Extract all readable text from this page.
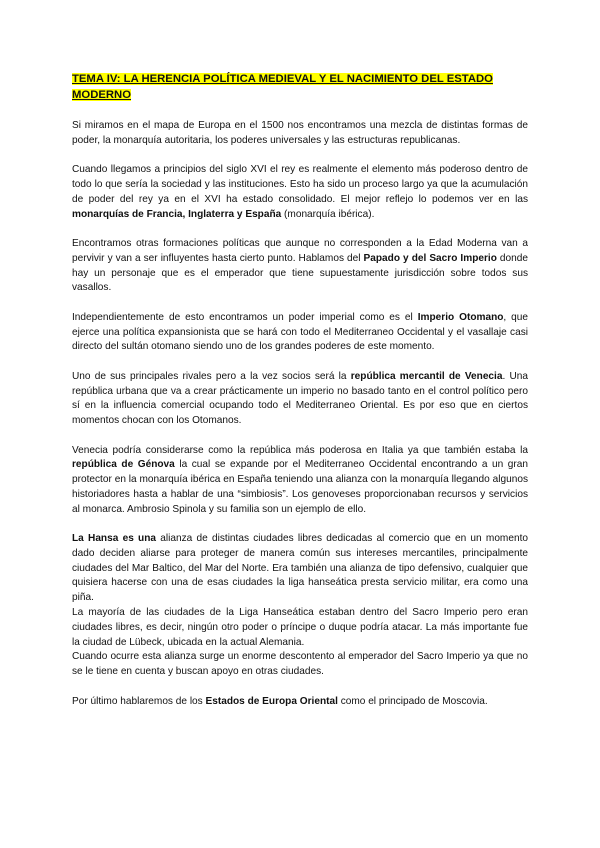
TEMA IV: LA HERENCIA POLÍTICA MEDIEVAL Y EL NACIMIENTO DEL ESTADO MODERNO

Si miramos en el mapa de Europa en el 1500 nos encontramos una mezcla de distintas formas de poder, la monarquía autoritaria, los poderes universales y las estructuras republicanas.

Cuando llegamos a principios del siglo XVI el rey es realmente el elemento más poderoso dentro de todo lo que sería la sociedad y las instituciones. Esto ha sido un proceso largo ya que la acumulación de poder del rey ya en el XVI ha estado consolidado. El mejor reflejo lo podemos ver en las monarquías de Francia, Inglaterra y España (monarquía ibérica).

Encontramos otras formaciones políticas que aunque no corresponden a la Edad Moderna van a pervivir y van a ser influyentes hasta cierto punto. Hablamos del Papado y del Sacro Imperio donde hay un personaje que es el emperador que tiene supuestamente jurisdicción sobre todos sus vasallos.

Independientemente de esto encontramos un poder imperial como es el Imperio Otomano, que ejerce una política expansionista que se hará con todo el Mediterraneo Occidental y el vasallaje casi directo del sultán otomano siendo uno de los grandes poderes de este momento.

Uno de sus principales rivales pero a la vez socios será la república mercantil de Venecia. Una república urbana que va a crear prácticamente un imperio no basado tanto en el control político pero sí en la influencia comercial ocupando todo el Mediterraneo Oriental. Es por eso que en ciertos momentos chocan con los Otomanos.

Venecia podría considerarse como la república más poderosa en Italia ya que también estaba la república de Génova la cual se expande por el Mediterraneo Occidental encontrando a un gran protector en la monarquía ibérica en España teniendo una alianza con la monarquía llegando algunos historiadores hasta a hablar de una “simbiosis”. Los genoveses proporcionaban recursos y servicios al monarca. Ambrosio Spinola y su familia son un ejemplo de ello.

La Hansa es una alianza de distintas ciudades libres dedicadas al comercio que en un momento dado deciden aliarse para proteger de manera común sus intereses mercantiles, principalmente ciudades del Mar Baltico, del Mar del Norte. Era también una alianza de tipo defensivo, cualquier que quisiera hacerse con una de esas ciudades la liga hanseática presta servicio militar, era como una piña.

La mayoría de las ciudades de la Liga Hanseática estaban dentro del Sacro Imperio pero eran ciudades libres, es decir, ningún otro poder o príncipe o duque podría atacar. La más importante fue la ciudad de Lübeck, ubicada en la actual Alemania.

Cuando ocurre esta alianza surge un enorme descontento al emperador del Sacro Imperio ya que no se le tiene en cuenta y buscan apoyo en otras ciudades.

Por último hablaremos de los Estados de Europa Oriental como el principado de Moscovia.
